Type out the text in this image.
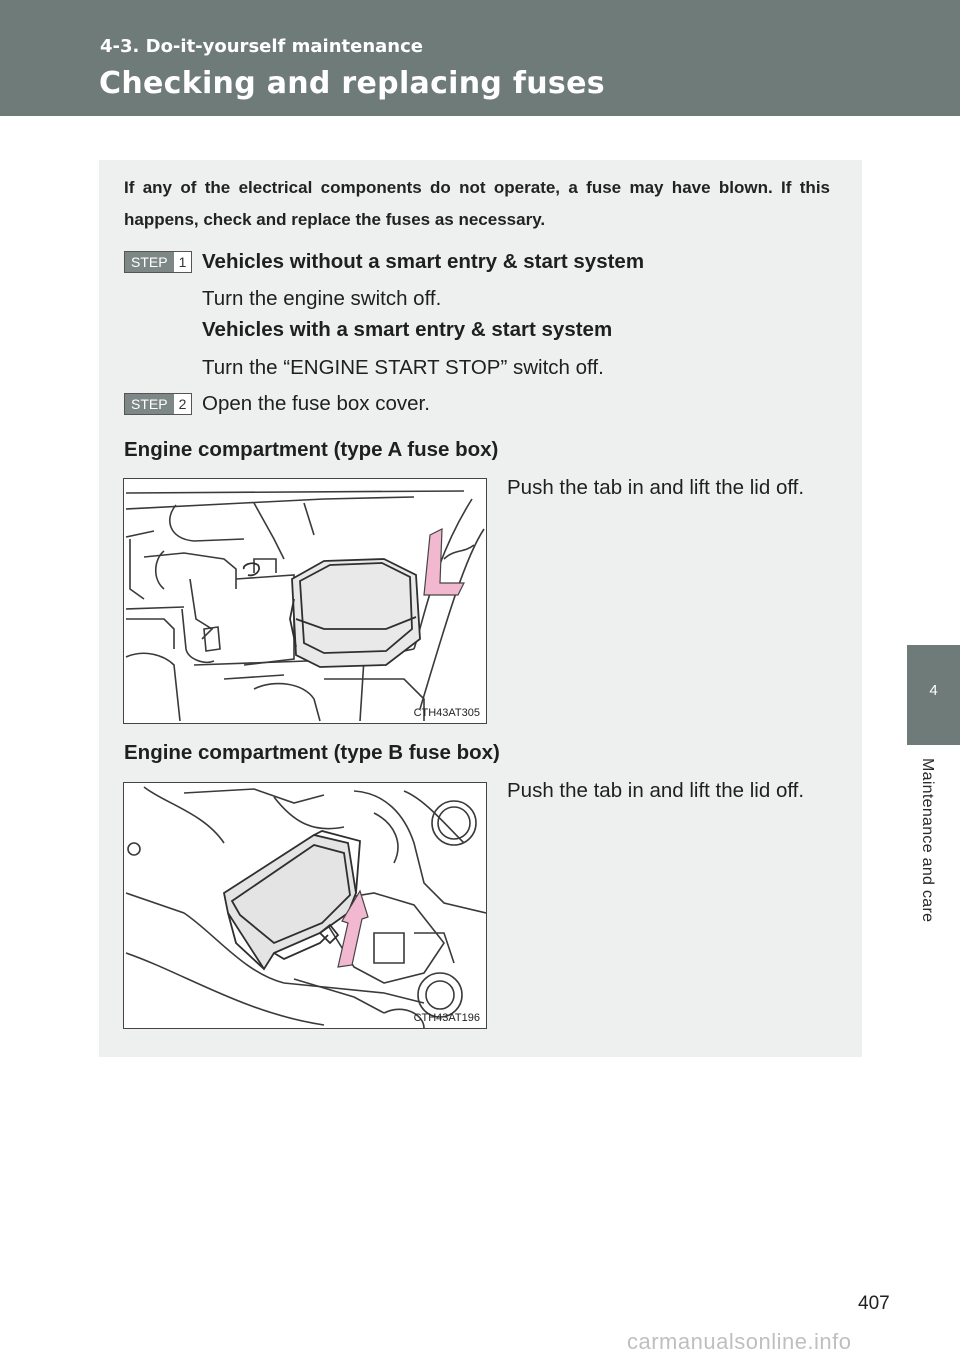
4-3. Do-it-yourself maintenance
Checking and replacing fuses
4
Maintenance and care
If any of the electrical components do not operate, a fuse may have blown. If this happens, check and replace the fuses as necessary.
STEP 1 Vehicles without a smart entry & start system
Turn the engine switch off.
Vehicles with a smart entry & start system
Turn the “ENGINE START STOP” switch off.
STEP 2 Open the fuse box cover.
Engine compartment (type A fuse box)
Push the tab in and lift the lid off.
CTH43AT305
Engine compartment (type B fuse box)
Push the tab in and lift the lid off.
CTH43AT196
407
carmanualsonline.info
